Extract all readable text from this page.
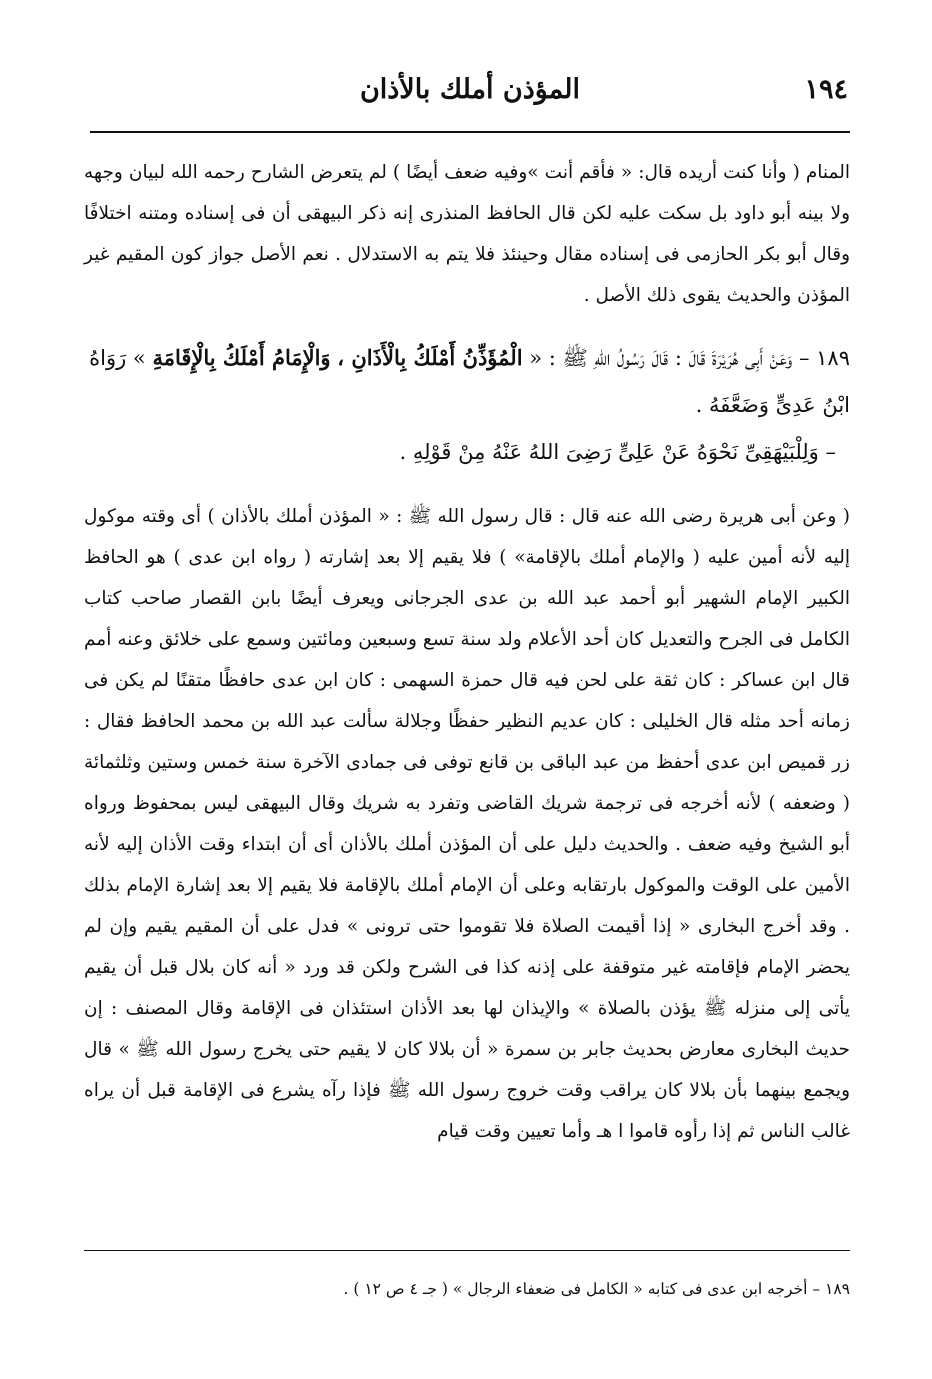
١٩٤
المؤذن أملك بالأذان

المنام ( وأنا كنت أريده قال: « فأقم أنت »وفيه ضعف أيضًا ) لم يتعرض الشارح رحمه الله لبيان وجهه ولا بينه أبو داود بل سكت عليه لكن قال الحافظ المنذرى إنه ذكر البيهقى أن فى إسناده ومتنه اختلافًا وقال أبو بكر الحازمى فى إسناده مقال وحينئذ فلا يتم به الاستدلال . نعم الأصل جواز كون المقيم غير المؤذن والحديث يقوى ذلك الأصل .

١٨٩ – وَعَنْ أَبِى هُرَيْرَةَ قَالَ : قَالَ رَسُولُ اللهِ ﷺ : « الْمُؤَذِّنُ أَمْلَكُ بِالْأَذَانِ ، وَالْإِمَامُ أَمْلَكُ بِالْإِقَامَةِ » رَوَاهُ ابْنُ عَدِىٍّ وَضَعَّفَهُ .

– وَلِلْبَيْهَقِىِّ نَحْوَهُ عَنْ عَلِىٍّ رَضِىَ اللهُ عَنْهُ مِنْ قَوْلِهِ .

( وعن أبى هريرة رضى الله عنه قال : قال رسول الله ﷺ : « المؤذن أملك بالأذان ) أى وقته موكول إليه لأنه أمين عليه ( والإمام أملك بالإقامة» ) فلا يقيم إلا بعد إشارته ( رواه ابن عدى ) هو الحافظ الكبير الإمام الشهير أبو أحمد عبد الله بن عدى الجرجانى ويعرف أيضًا بابن القصار صاحب كتاب الكامل فى الجرح والتعديل كان أحد الأعلام ولد سنة تسع وسبعين ومائتين وسمع على خلائق وعنه أمم قال ابن عساكر : كان ثقة على لحن فيه قال حمزة السهمى : كان ابن عدى حافظًا متقنًا لم يكن فى زمانه أحد مثله قال الخليلى : كان عديم النظير حفظًا وجلالة سألت عبد الله بن محمد الحافظ فقال : زر قميص ابن عدى أحفظ من عبد الباقى بن قانع توفى فى جمادى الآخرة سنة خمس وستين وثلثمائة ( وضعفه ) لأنه أخرجه فى ترجمة شريك القاضى وتفرد به شريك وقال البيهقى ليس بمحفوظ ورواه أبو الشيخ وفيه ضعف . والحديث دليل على أن المؤذن أملك بالأذان أى أن ابتداء وقت الأذان إليه لأنه الأمين على الوقت والموكول بارتقابه وعلى أن الإمام أملك بالإقامة فلا يقيم إلا بعد إشارة الإمام بذلك . وقد أخرج البخارى « إذا أقيمت الصلاة فلا تقوموا حتى ترونى » فدل على أن المقيم يقيم وإن لم يحضر الإمام فإقامته غير متوقفة على إذنه كذا فى الشرح ولكن قد ورد « أنه كان بلال قبل أن يقيم يأتى إلى منزله ﷺ يؤذن بالصلاة » والإيذان لها بعد الأذان استئذان فى الإقامة وقال المصنف : إن حديث البخارى معارض بحديث جابر بن سمرة « أن بلالا كان لا يقيم حتى يخرج رسول الله ﷺ » قال ويجمع بينهما بأن بلالا كان يراقب وقت خروج رسول الله ﷺ فإذا رآه يشرع فى الإقامة قبل أن يراه غالب الناس ثم إذا رأوه قاموا ا هـ وأما تعيين وقت قيام

١٨٩ – أخرجه ابن عدى فى كتابه « الكامل فى ضعفاء الرجال » ( جـ ٤ ص ١٢ ) .
